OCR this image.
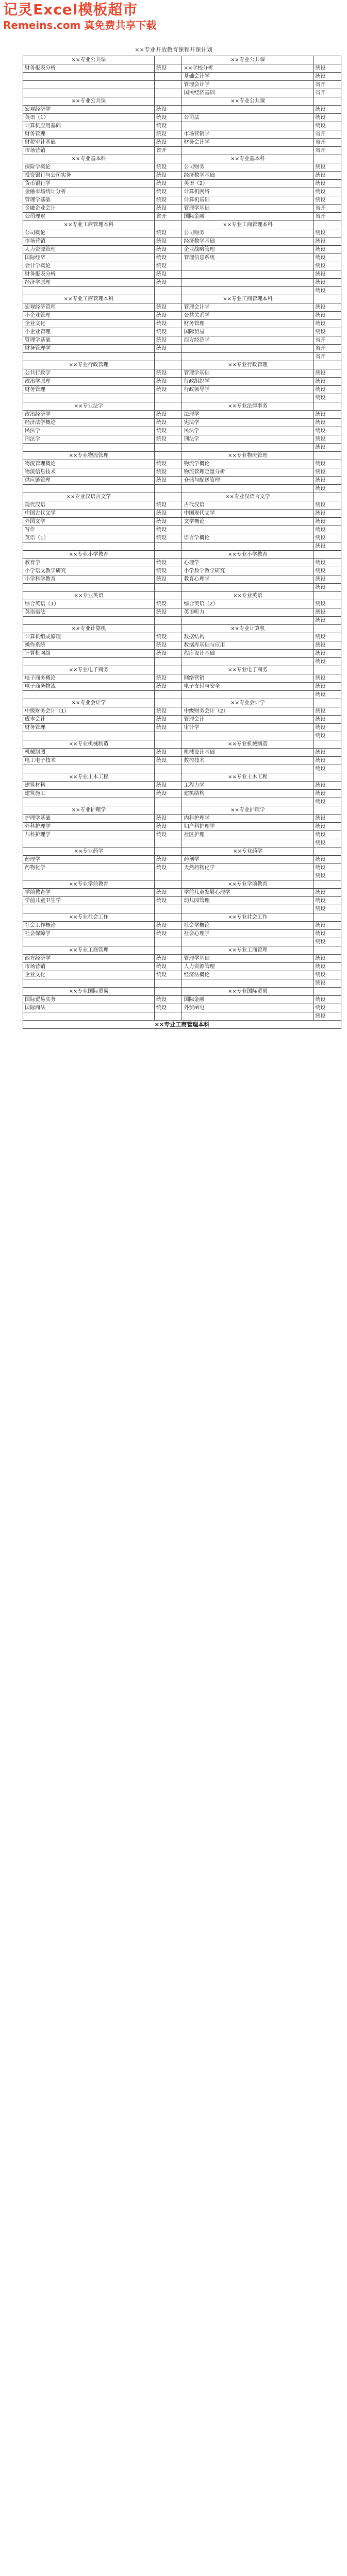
记灵Excel模板超市
Remeins.com 真免费共享下载
××专业开放教育课程开课计划
××专业公共课		××专业公共课	
财务报表分析	统设	××学校分析	统设
		基础会计学	统设
		管理会计学	省开
		国民经济基础	省开
××专业公共课		××专业公共课	
宏观经济学	统设		统设
英语（1）	统设	公司法	统设
计算机应用基础	统设		统设
财务管理	统设	市场营销学	省开
财税审计基础	统设	财务会计学	省开
市场营销	省开		省开
××专业基本科		××专业基本科	
保险学概论	统设	公司财务	统设
投资银行与公司实务	统设	经济数学基础	统设
货币银行学	统设	英语（2）	统设
金融市场统计分析	统设	计算机网络	统设
管理学基础	统设	计算机基础	统设
金融企业会计	统设	管理学基础	省开
公司理财	省开	国际金融	省开
××专业工商管理本科		××专业工商管理本科	
公司概论	统设	公司财务	统设
市场营销	统设	经济数学基础	统设
人力资源管理	统设	企业战略管理	统设
国际经济	统设	管理信息系统	统设
会计学概论	统设		统设
财务报表分析	统设		统设
经济学原理	统设		统设
			统设
××专业工商管理本科		××专业工商管理本科	
宏观经济管理	统设	管理会计学	统设
小企业管理	统设	公共关系学	统设
企业文化	统设	财务管理	统设
小企业管理	统设	国际贸易	统设
管理学基础	统设	西方经济学	省开
财务管理学	统设		省开
			省开
××专业行政管理		××专业行政管理	
公共行政学	统设	管理学基础	统设
政治学原理	统设	行政组织学	统设
财务管理	统设	行政领导学	统设
			统设
××专业法学		××专业法律事务	
政治经济学	统设	法理学	统设
经济法学概论	统设	宪法学	统设
民法学	统设	民法学	统设
刑法学	统设	刑法学	统设
			统设
××专业物流管理		××专业物流管理	
物流管理概论	统设	物流学概论	统设
物流信息技术	统设	物流管理定量分析	统设
供应链管理	统设	仓储与配送管理	统设
			统设
××专业汉语言文学		××专业汉语言文学	
现代汉语	统设	古代汉语	统设
中国古代文学	统设	中国现代文学	统设
外国文学	统设	文学概论	统设
写作	统设		统设
英语（1）	统设	语言学概论	统设
			统设
××专业小学教育		××专业小学教育	
教育学	统设	心理学	统设
小学语文教学研究	统设	小学数学教学研究	统设
小学科学教育	统设	教育心理学	统设
			统设
××专业英语		××专业英语	
综合英语（1）	统设	综合英语（2）	统设
英语语法	统设	英语听力	统设
			统设
××专业计算机		××专业计算机	
计算机组成原理	统设	数据结构	统设
操作系统	统设	数据库基础与应用	统设
计算机网络	统设	程序设计基础	统设
			统设
××专业电子商务		××专业电子商务	
电子商务概论	统设	网络营销	统设
电子商务物流	统设	电子支付与安全	统设
			统设
××专业会计学		××专业会计学	
中级财务会计（1）	统设	中级财务会计（2）	统设
成本会计	统设	管理会计	统设
财务管理	统设	审计学	统设
			统设
××专业机械制造		××专业机械制造	
机械制图	统设	机械设计基础	统设
电工电子技术	统设	数控技术	统设
			统设
××专业土木工程		××专业土木工程	
建筑材料	统设	工程力学	统设
建筑施工	统设	建筑结构	统设
			统设
××专业护理学		××专业护理学	
护理学基础	统设	内科护理学	统设
外科护理学	统设	妇产科护理学	统设
儿科护理学	统设	社区护理	统设
			统设
××专业药学		××专业药学	
药理学	统设	药剂学	统设
药物化学	统设	天然药物化学	统设
			统设
××专业学前教育		××专业学前教育	
学前教育学	统设	学前儿童发展心理学	统设
学前儿童卫生学	统设	幼儿园管理	统设
			统设
××专业社会工作		××专业社会工作	
社会工作概论	统设	社会学概论	统设
社会保障学	统设	社会心理学	统设
			统设
××专业工商管理		××专业工商管理	
西方经济学	统设	管理学基础	统设
市场营销	统设	人力资源管理	统设
企业文化	统设	经济法概论	统设
			统设
××专业国际贸易		××专业国际贸易	
国际贸易实务	统设	国际金融	统设
国际商法	统设	外贸函电	统设
			统设
××专业工商管理本科			
